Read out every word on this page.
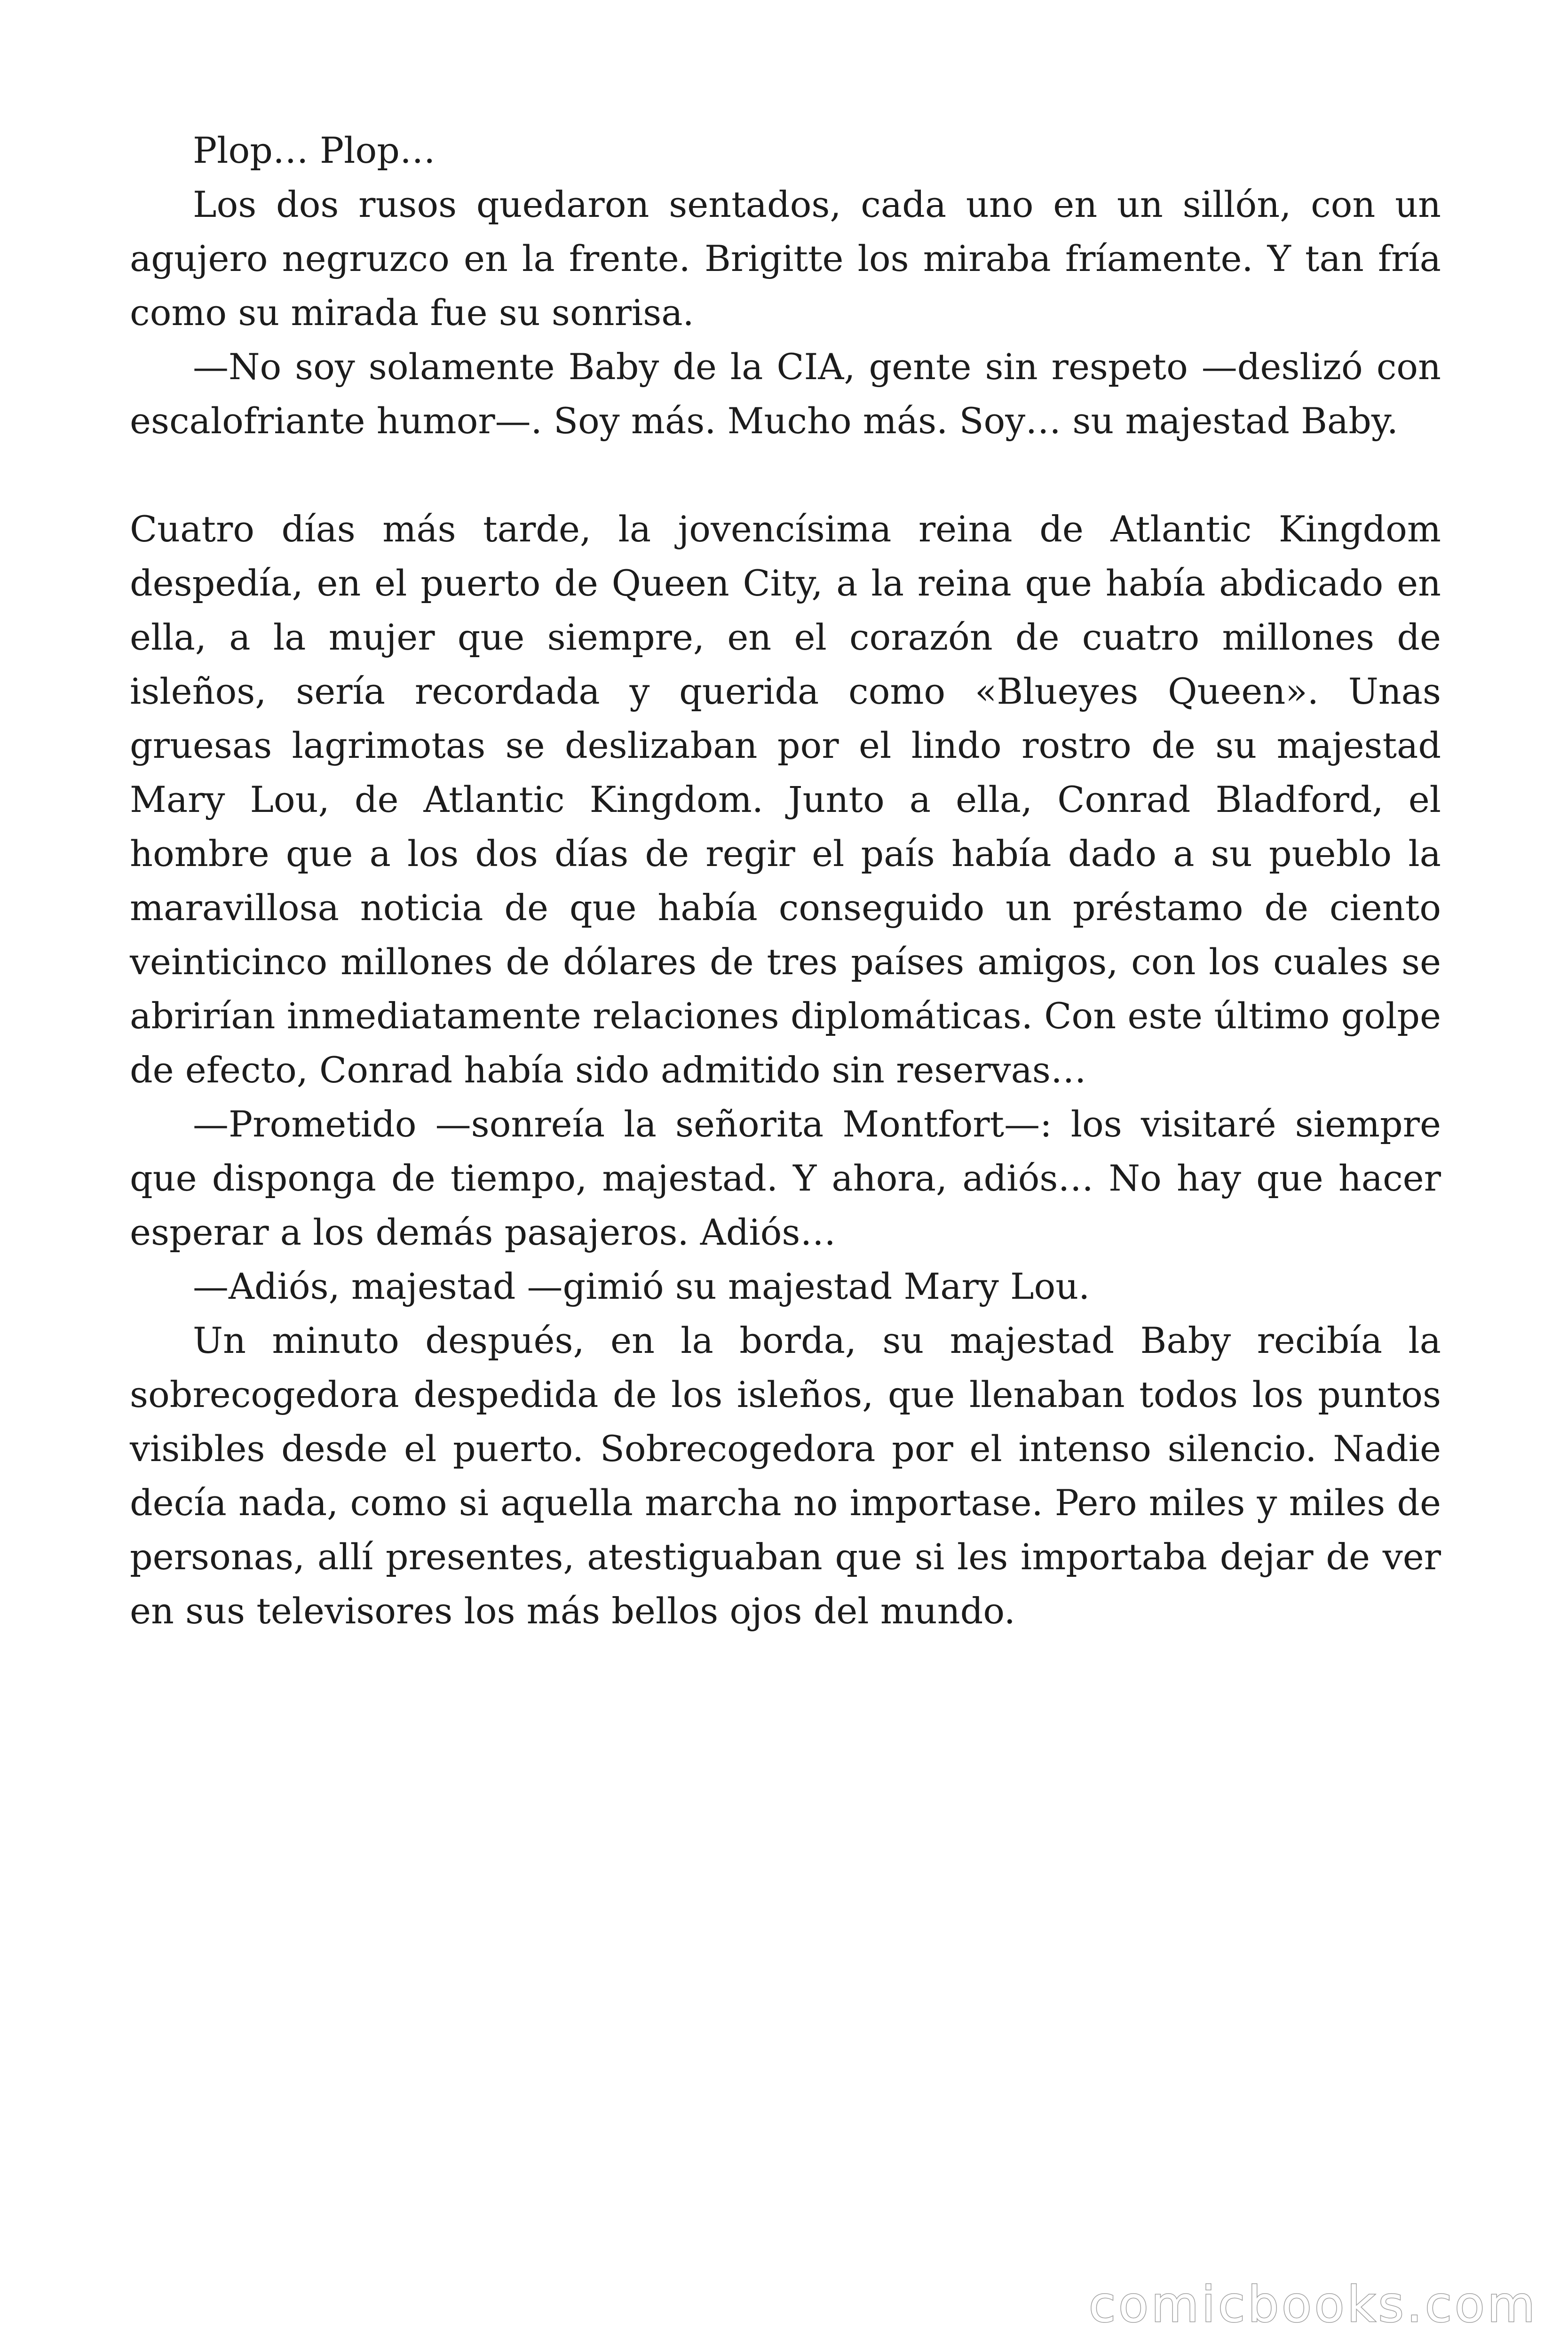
Plop… Plop…

Los dos rusos quedaron sentados, cada uno en un sillón, con un agujero negruzco en la frente. Brigitte los miraba fríamente. Y tan fría como su mirada fue su sonrisa.

—No soy solamente Baby de la CIA, gente sin respeto —deslizó con escalofriante humor—. Soy más. Mucho más. Soy… su majestad Baby.

Cuatro días más tarde, la jovencísima reina de Atlantic Kingdom despedía, en el puerto de Queen City, a la reina que había abdicado en ella, a la mujer que siempre, en el corazón de cuatro millones de isleños, sería recordada y querida como «Blueyes Queen». Unas gruesas lagrimotas se deslizaban por el lindo rostro de su majestad Mary Lou, de Atlantic Kingdom. Junto a ella, Conrad Bladford, el hombre que a los dos días de regir el país había dado a su pueblo la maravillosa noticia de que había conseguido un préstamo de ciento veinticinco millones de dólares de tres países amigos, con los cuales se abrirían inmediatamente relaciones diplomáticas. Con este último golpe de efecto, Conrad había sido admitido sin reservas…

—Prometido —sonreía la señorita Montfort—: los visitaré siempre que disponga de tiempo, majestad. Y ahora, adiós… No hay que hacer esperar a los demás pasajeros. Adiós…

—Adiós, majestad —gimió su majestad Mary Lou.

Un minuto después, en la borda, su majestad Baby recibía la sobrecogedora despedida de los isleños, que llenaban todos los puntos visibles desde el puerto. Sobrecogedora por el intenso silencio. Nadie decía nada, como si aquella marcha no importase. Pero miles y miles de personas, allí presentes, atestiguaban que si les importaba dejar de ver en sus televisores los más bellos ojos del mundo.

comicbooks.com
